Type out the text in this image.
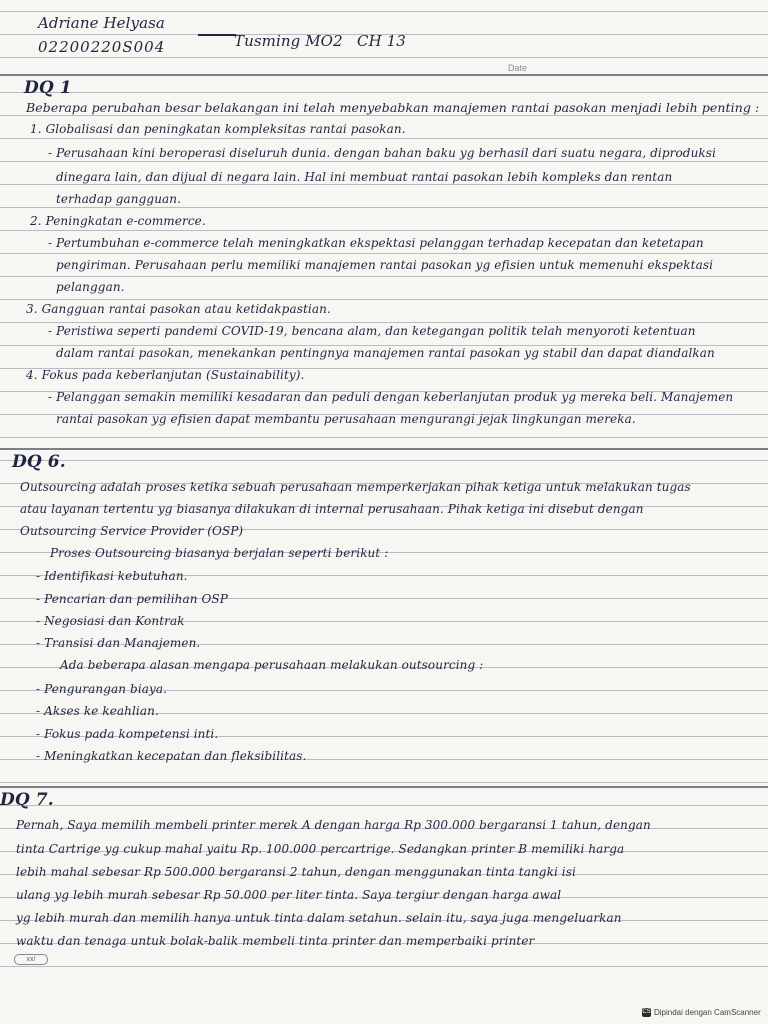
Adriane Helyasa
02200220S004	Tusming MO2 CH 13
Date
DQ 1
Beberapa perubahan besar belakangan ini telah menyebabkan manajemen rantai pasokan menjadi lebih penting :
1. Globalisasi dan peningkatan kompleksitas rantai pasokan.
- Perusahaan kini beroperasi diseluruh dunia. dengan bahan baku yg berhasil dari suatu negara, diproduksi
dinegara lain, dan dijual di negara lain. Hal ini membuat rantai pasokan lebih kompleks dan rentan
terhadap gangguan.
2. Peningkatan e-commerce.
- Pertumbuhan e-commerce telah meningkatkan ekspektasi pelanggan terhadap kecepatan dan ketetapan
pengiriman. Perusahaan perlu memiliki manajemen rantai pasokan yg efisien untuk memenuhi ekspektasi
pelanggan.
3. Gangguan rantai pasokan atau ketidakpastian.
- Peristiwa seperti pandemi COVID-19, bencana alam, dan ketegangan politik telah menyoroti ketentuan
dalam rantai pasokan, menekankan pentingnya manajemen rantai pasokan yg stabil dan dapat diandalkan
4. Fokus pada keberlanjutan (Sustainability).
- Pelanggan semakin memiliki kesadaran dan peduli dengan keberlanjutan produk yg mereka beli. Manajemen
rantai pasokan yg efisien dapat membantu perusahaan mengurangi jejak lingkungan mereka.
DQ 6.
Outsourcing adalah proses ketika sebuah perusahaan memperkerjakan pihak ketiga untuk melakukan tugas
atau layanan tertentu yg biasanya dilakukan di internal perusahaan. Pihak ketiga ini disebut dengan
Outsourcing Service Provider (OSP)
Proses Outsourcing biasanya berjalan seperti berikut :
- Identifikasi kebutuhan.
- Pencarian dan pemilihan OSP
- Negosiasi dan Kontrak
- Transisi dan Manajemen.
Ada beberapa alasan mengapa perusahaan melakukan outsourcing :
- Pengurangan biaya.
- Akses ke keahlian.
- Fokus pada kompetensi inti.
- Meningkatkan kecepatan dan fleksibilitas.
DQ 7.
Pernah, Saya memilih membeli printer merek A dengan harga Rp 300.000 bergaransi 1 tahun, dengan
tinta Cartrige yg cukup mahal yaitu Rp. 100.000 percartrige. Sedangkan printer B memiliki harga
lebih mahal sebesar Rp 500.000 bergaransi 2 tahun, dengan menggunakan tinta tangki isi
ulang yg lebih murah sebesar Rp 50.000 per liter tinta. Saya tergiur dengan harga awal
yg lebih murah dan memilih hanya untuk tinta dalam setahun. selain itu, saya juga mengeluarkan
waktu dan tenaga untuk bolak-balik membeli tinta printer dan memperbaiki printer
xx/
CS Dipindai dengan CamScanner
